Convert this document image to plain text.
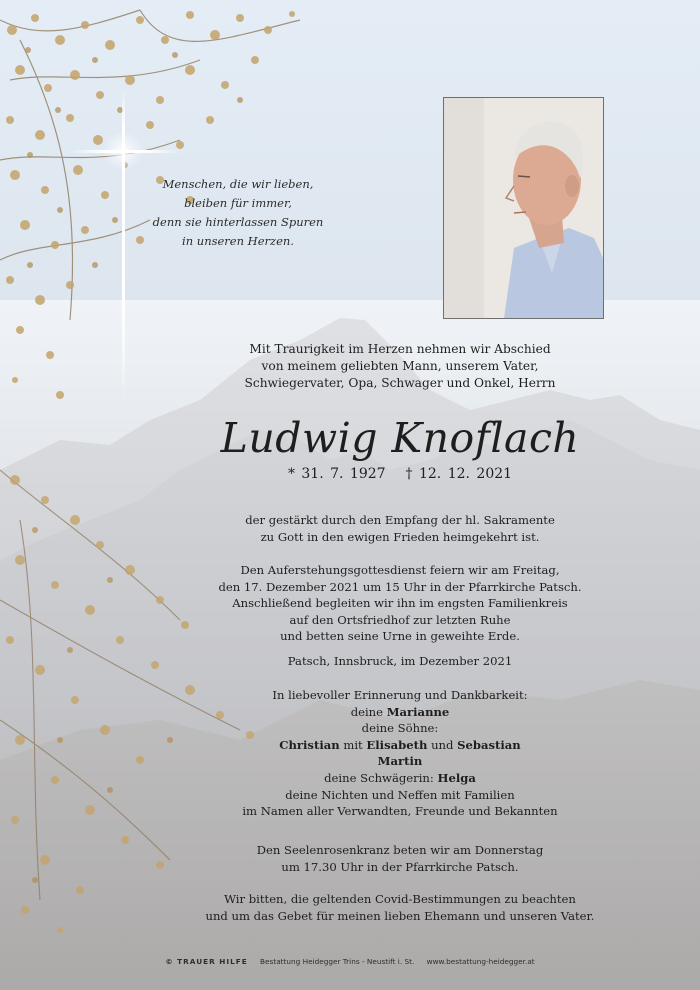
Menschen, die wir lieben,
bleiben für immer,
denn sie hinterlassen Spuren
in unseren Herzen.
Mit Traurigkeit im Herzen nehmen wir Abschied
von meinem geliebten Mann, unserem Vater,
Schwiegervater, Opa, Schwager und Onkel, Herrn
Ludwig Knoflach
* 31. 7. 1927 † 12. 12. 2021
der gestärkt durch den Empfang der hl. Sakramente
zu Gott in den ewigen Frieden heimgekehrt ist.
Den Auferstehungsgottesdienst feiern wir am Freitag,
den 17. Dezember 2021 um 15 Uhr in der Pfarrkirche Patsch.
Anschließend begleiten wir ihn im engsten Familienkreis
auf den Ortsfriedhof zur letzten Ruhe
und betten seine Urne in geweihte Erde.
Patsch, Innsbruck, im Dezember 2021
In liebevoller Erinnerung und Dankbarkeit:
deine Marianne
deine Söhne:
Christian mit Elisabeth und Sebastian
Martin
deine Schwägerin: Helga
deine Nichten und Neffen mit Familien
im Namen aller Verwandten, Freunde und Bekannten
Den Seelenrosenkranz beten wir am Donnerstag
um 17.30 Uhr in der Pfarrkirche Patsch.
Wir bitten, die geltenden Covid-Bestimmungen zu beachten
und um das Gebet für meinen lieben Ehemann und unseren Vater.
© TRAUER HILFE Bestattung Heidegger Trins - Neustift i. St. www.bestattung-heidegger.at
